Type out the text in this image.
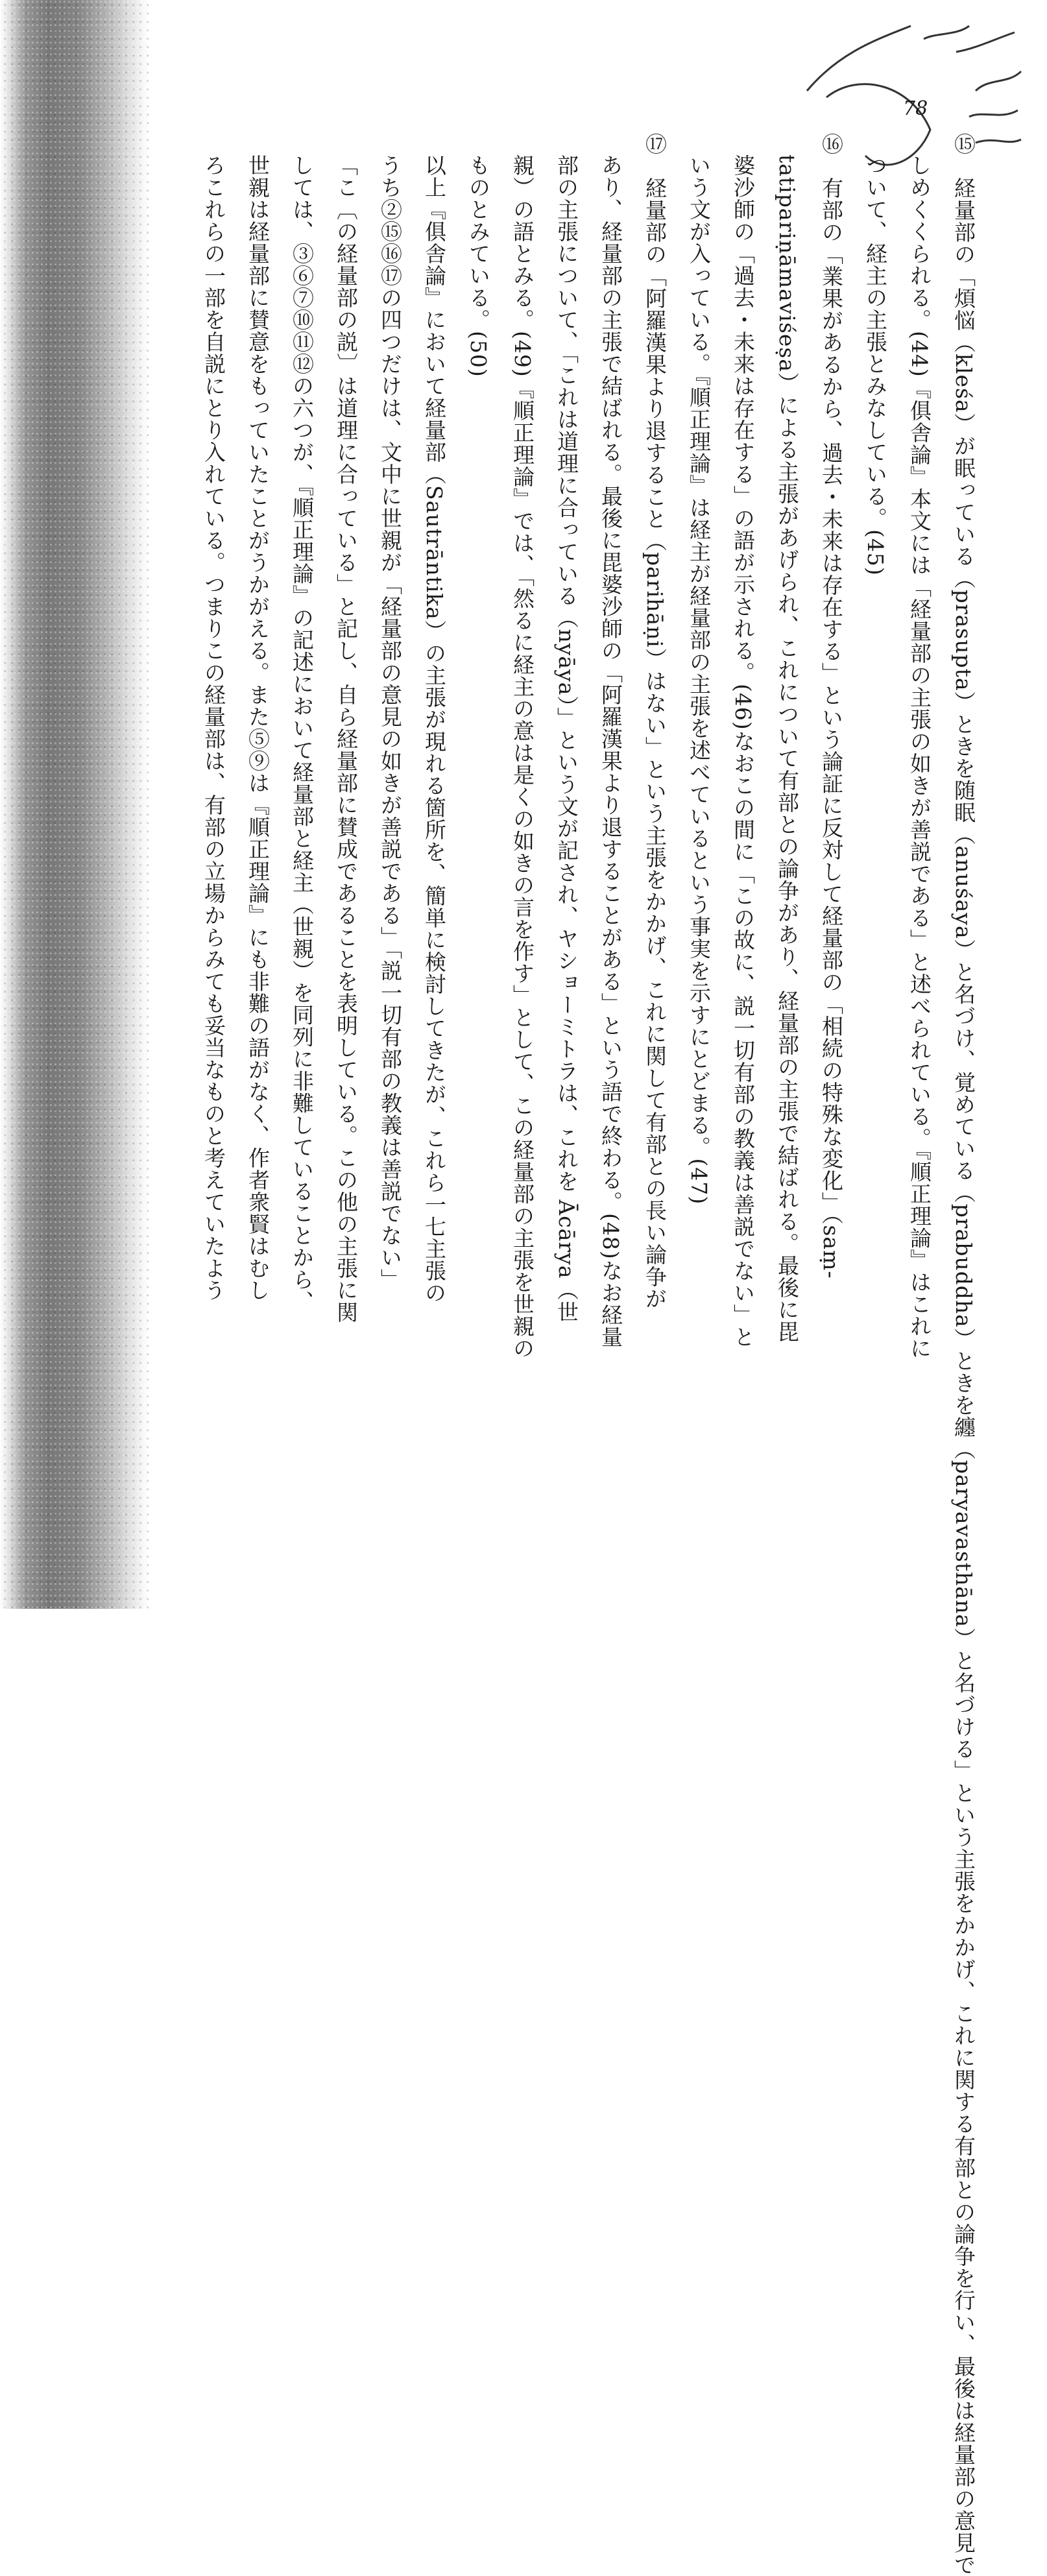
78
⑮　経量部の「煩悩（kleśa）が眠っている（prasupta）ときを随眠（anuśaya）と名づけ、覚めている（prabuddha）ときを纏（paryavasthāna）と名づける」という主張をかかげ、これに関する有部との論争を行い、最後は経量部の意見で
しめくくられる。(44)『俱舎論』本文には「経量部の主張の如きが善説である」と述べられている。『順正理論』はこれに
ついて、経主の主張とみなしている。(45)
⑯　有部の「業果があるから、過去・未来は存在する」という論証に反対して経量部の「相続の特殊な変化」（saṃ-
tatipariṇāmaviśeṣa）による主張があげられ、これについて有部との論争があり、経量部の主張で結ばれる。最後に毘
婆沙師の「過去・未来は存在する」の語が示される。(46)なおこの間に「この故に、説一切有部の教義は善説でない」と
いう文が入っている。『順正理論』は経主が経量部の主張を述べているという事実を示すにとどまる。(47)
⑰　経量部の「阿羅漢果より退すること（parihāṇi）はない」という主張をかかげ、これに関して有部との長い論争が
あり、経量部の主張で結ばれる。最後に毘婆沙師の「阿羅漢果より退することがある」という語で終わる。(48)なお経量
部の主張について、「これは道理に合っている（nyāya）」という文が記され、ヤショーミトラは、これを Ācārya（世
親）の語とみる。(49)『順正理論』では、「然るに経主の意は是くの如きの言を作す」として、この経量部の主張を世親の
ものとみている。(50)
以上『俱舎論』において経量部（Sautrāntika）の主張が現れる箇所を、簡単に検討してきたが、これら一七主張の
うち②⑮⑯⑰の四つだけは、文中に世親が「経量部の意見の如きが善説である」「説一切有部の教義は善説でない」
「こ〔の経量部の説〕は道理に合っている」と記し、自ら経量部に賛成であることを表明している。この他の主張に関
しては、③⑥⑦⑩⑪⑫の六つが、『順正理論』の記述において経量部と経主（世親）を同列に非難していることから、
世親は経量部に賛意をもっていたことがうかがえる。また⑤⑨は『順正理論』にも非難の語がなく、作者衆賢はむし
ろこれらの一部を自説にとり入れている。つまりこの経量部は、有部の立場からみても妥当なものと考えていたよう
